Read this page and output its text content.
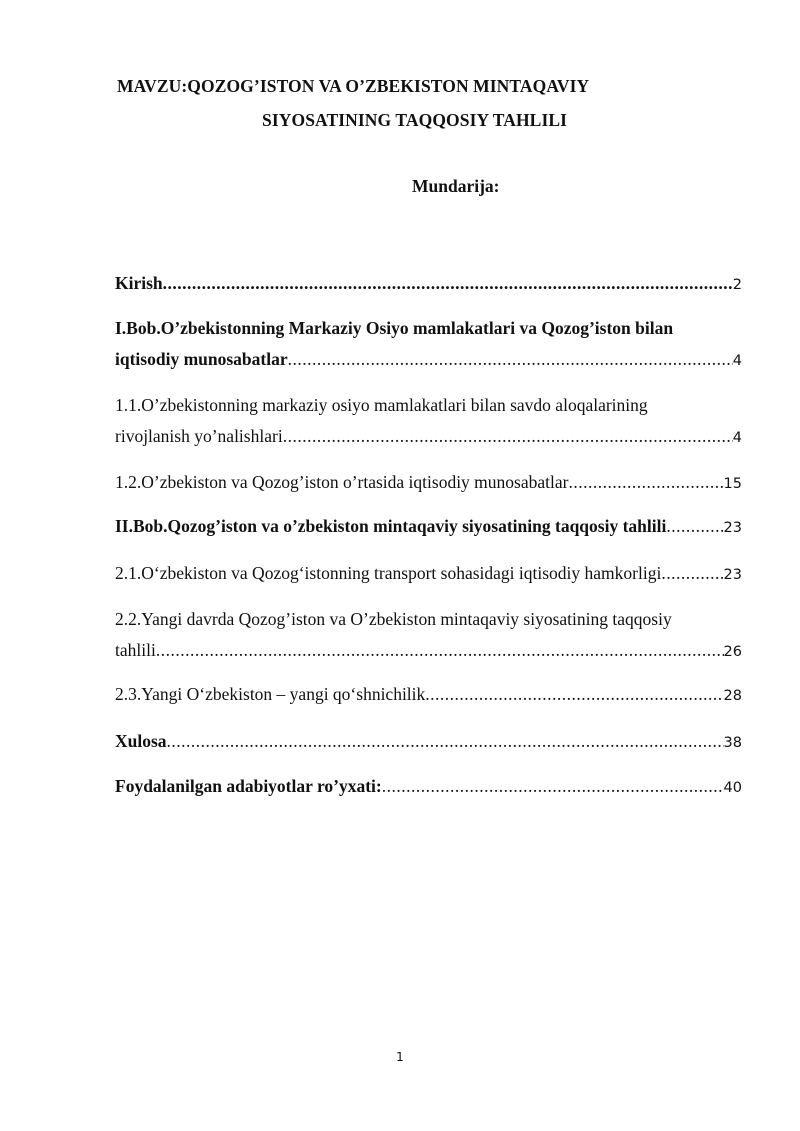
MAVZU:QOZOG’ISTON VA O’ZBEKISTON MINTAQAVIY
SIYOSATINING TAQQOSIY TAHLILI
Mundarija:
Kirish .....	2
I.Bob.O’zbekistonning Markaziy Osiyo mamlakatlari va Qozog’iston bilan
iqtisodiy munosabatlar .....	4
1.1.O’zbekistonning markaziy osiyo mamlakatlari bilan savdo aloqalarining
rivojlanish yo’nalishlari .....	4
1.2.O’zbekiston va Qozog’iston o’rtasida iqtisodiy munosabatlar .....	15
II.Bob.Qozog’iston va o’zbekiston mintaqaviy siyosatining taqqosiy tahlili .....	23
2.1.O‘zbekiston va Qozog‘istonning transport sohasidagi iqtisodiy hamkorligi .....	23
2.2.Yangi davrda Qozog’iston va O’zbekiston mintaqaviy siyosatining taqqosiy
tahlili .....	26
2.3.Yangi O‘zbekiston – yangi qo‘shnichilik .....	28
Xulosa .....	38
Foydalanilgan adabiyotlar ro’yxati: .....	40
1
